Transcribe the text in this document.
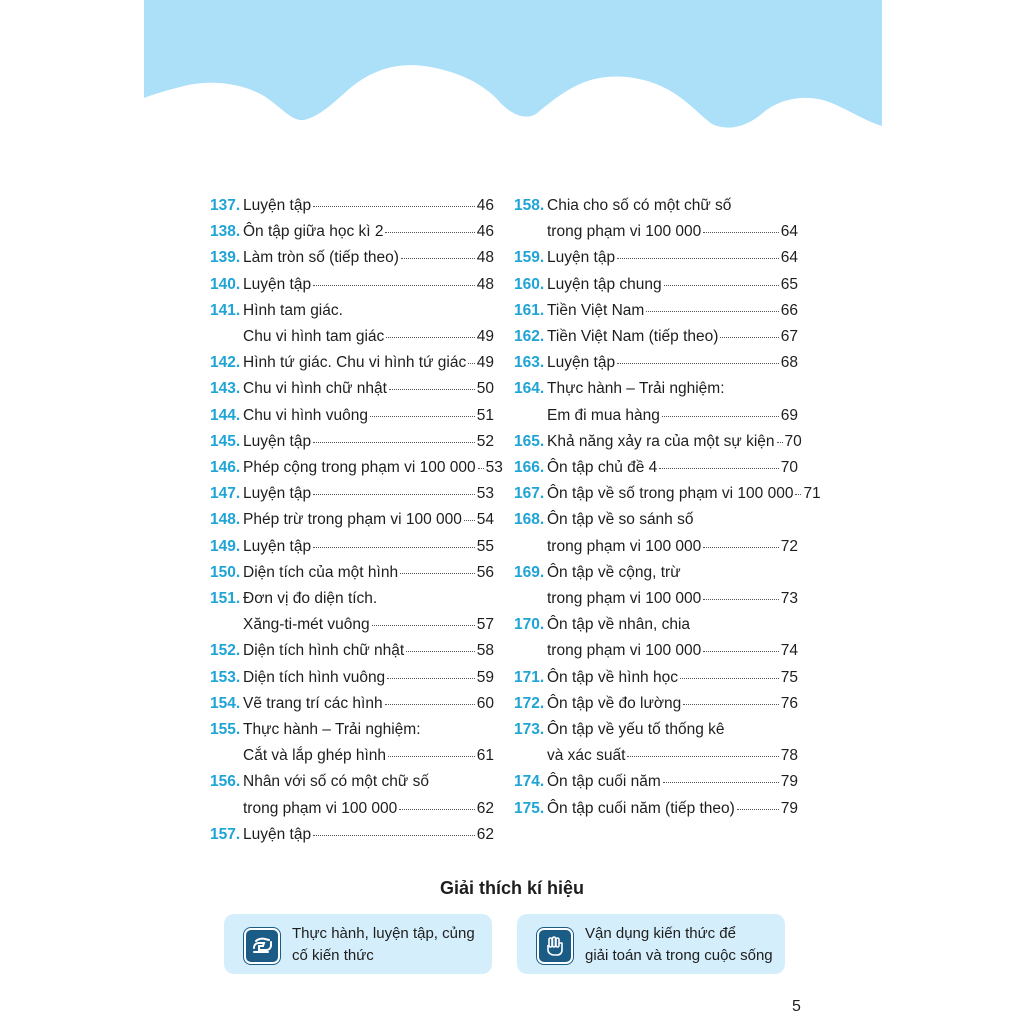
137. Luyện tập	46
138. Ôn tập giữa học kì 2	46
139. Làm tròn số (tiếp theo)	48
140. Luyện tập	48
141. Hình tam giác.
Chu vi hình tam giác	49
142. Hình tứ giác. Chu vi hình tứ giác 49
143. Chu vi hình chữ nhật	50
144. Chu vi hình vuông	51
145. Luyện tập	52
146. Phép cộng trong phạm vi 100 000 53
147. Luyện tập	53
148. Phép trừ trong phạm vi 100 000 54
149. Luyện tập	55
150. Diện tích của một hình	56
151. Đơn vị đo diện tích.
Xăng-ti-mét vuông	57
152. Diện tích hình chữ nhật	58
153. Diện tích hình vuông	59
154. Vẽ trang trí các hình	60
155. Thực hành – Trải nghiệm:
Cắt và lắp ghép hình	61
156. Nhân với số có một chữ số
trong phạm vi 100 000	62
157. Luyện tập	62
158. Chia cho số có một chữ số
trong phạm vi 100 000	64
159. Luyện tập	64
160. Luyện tập chung	65
161. Tiền Việt Nam	66
162. Tiền Việt Nam (tiếp theo)	67
163. Luyện tập	68
164. Thực hành – Trải nghiệm:
Em đi mua hàng	69
165. Khả năng xảy ra của một sự kiện 70
166. Ôn tập chủ đề 4	70
167. Ôn tập về số trong phạm vi 100 000 71
168. Ôn tập về so sánh số
trong phạm vi 100 000	72
169. Ôn tập về cộng, trừ
trong phạm vi 100 000	73
170. Ôn tập về nhân, chia
trong phạm vi 100 000	74
171. Ôn tập về hình học	75
172. Ôn tập về đo lường	76
173. Ôn tập về yếu tố thống kê
và xác suất	78
174. Ôn tập cuối năm	79
175. Ôn tập cuối năm (tiếp theo)	79
Giải thích kí hiệu
Thực hành, luyện tập, củng
cố kiến thức
Vận dụng kiến thức để
giải toán và trong cuộc sống
5
